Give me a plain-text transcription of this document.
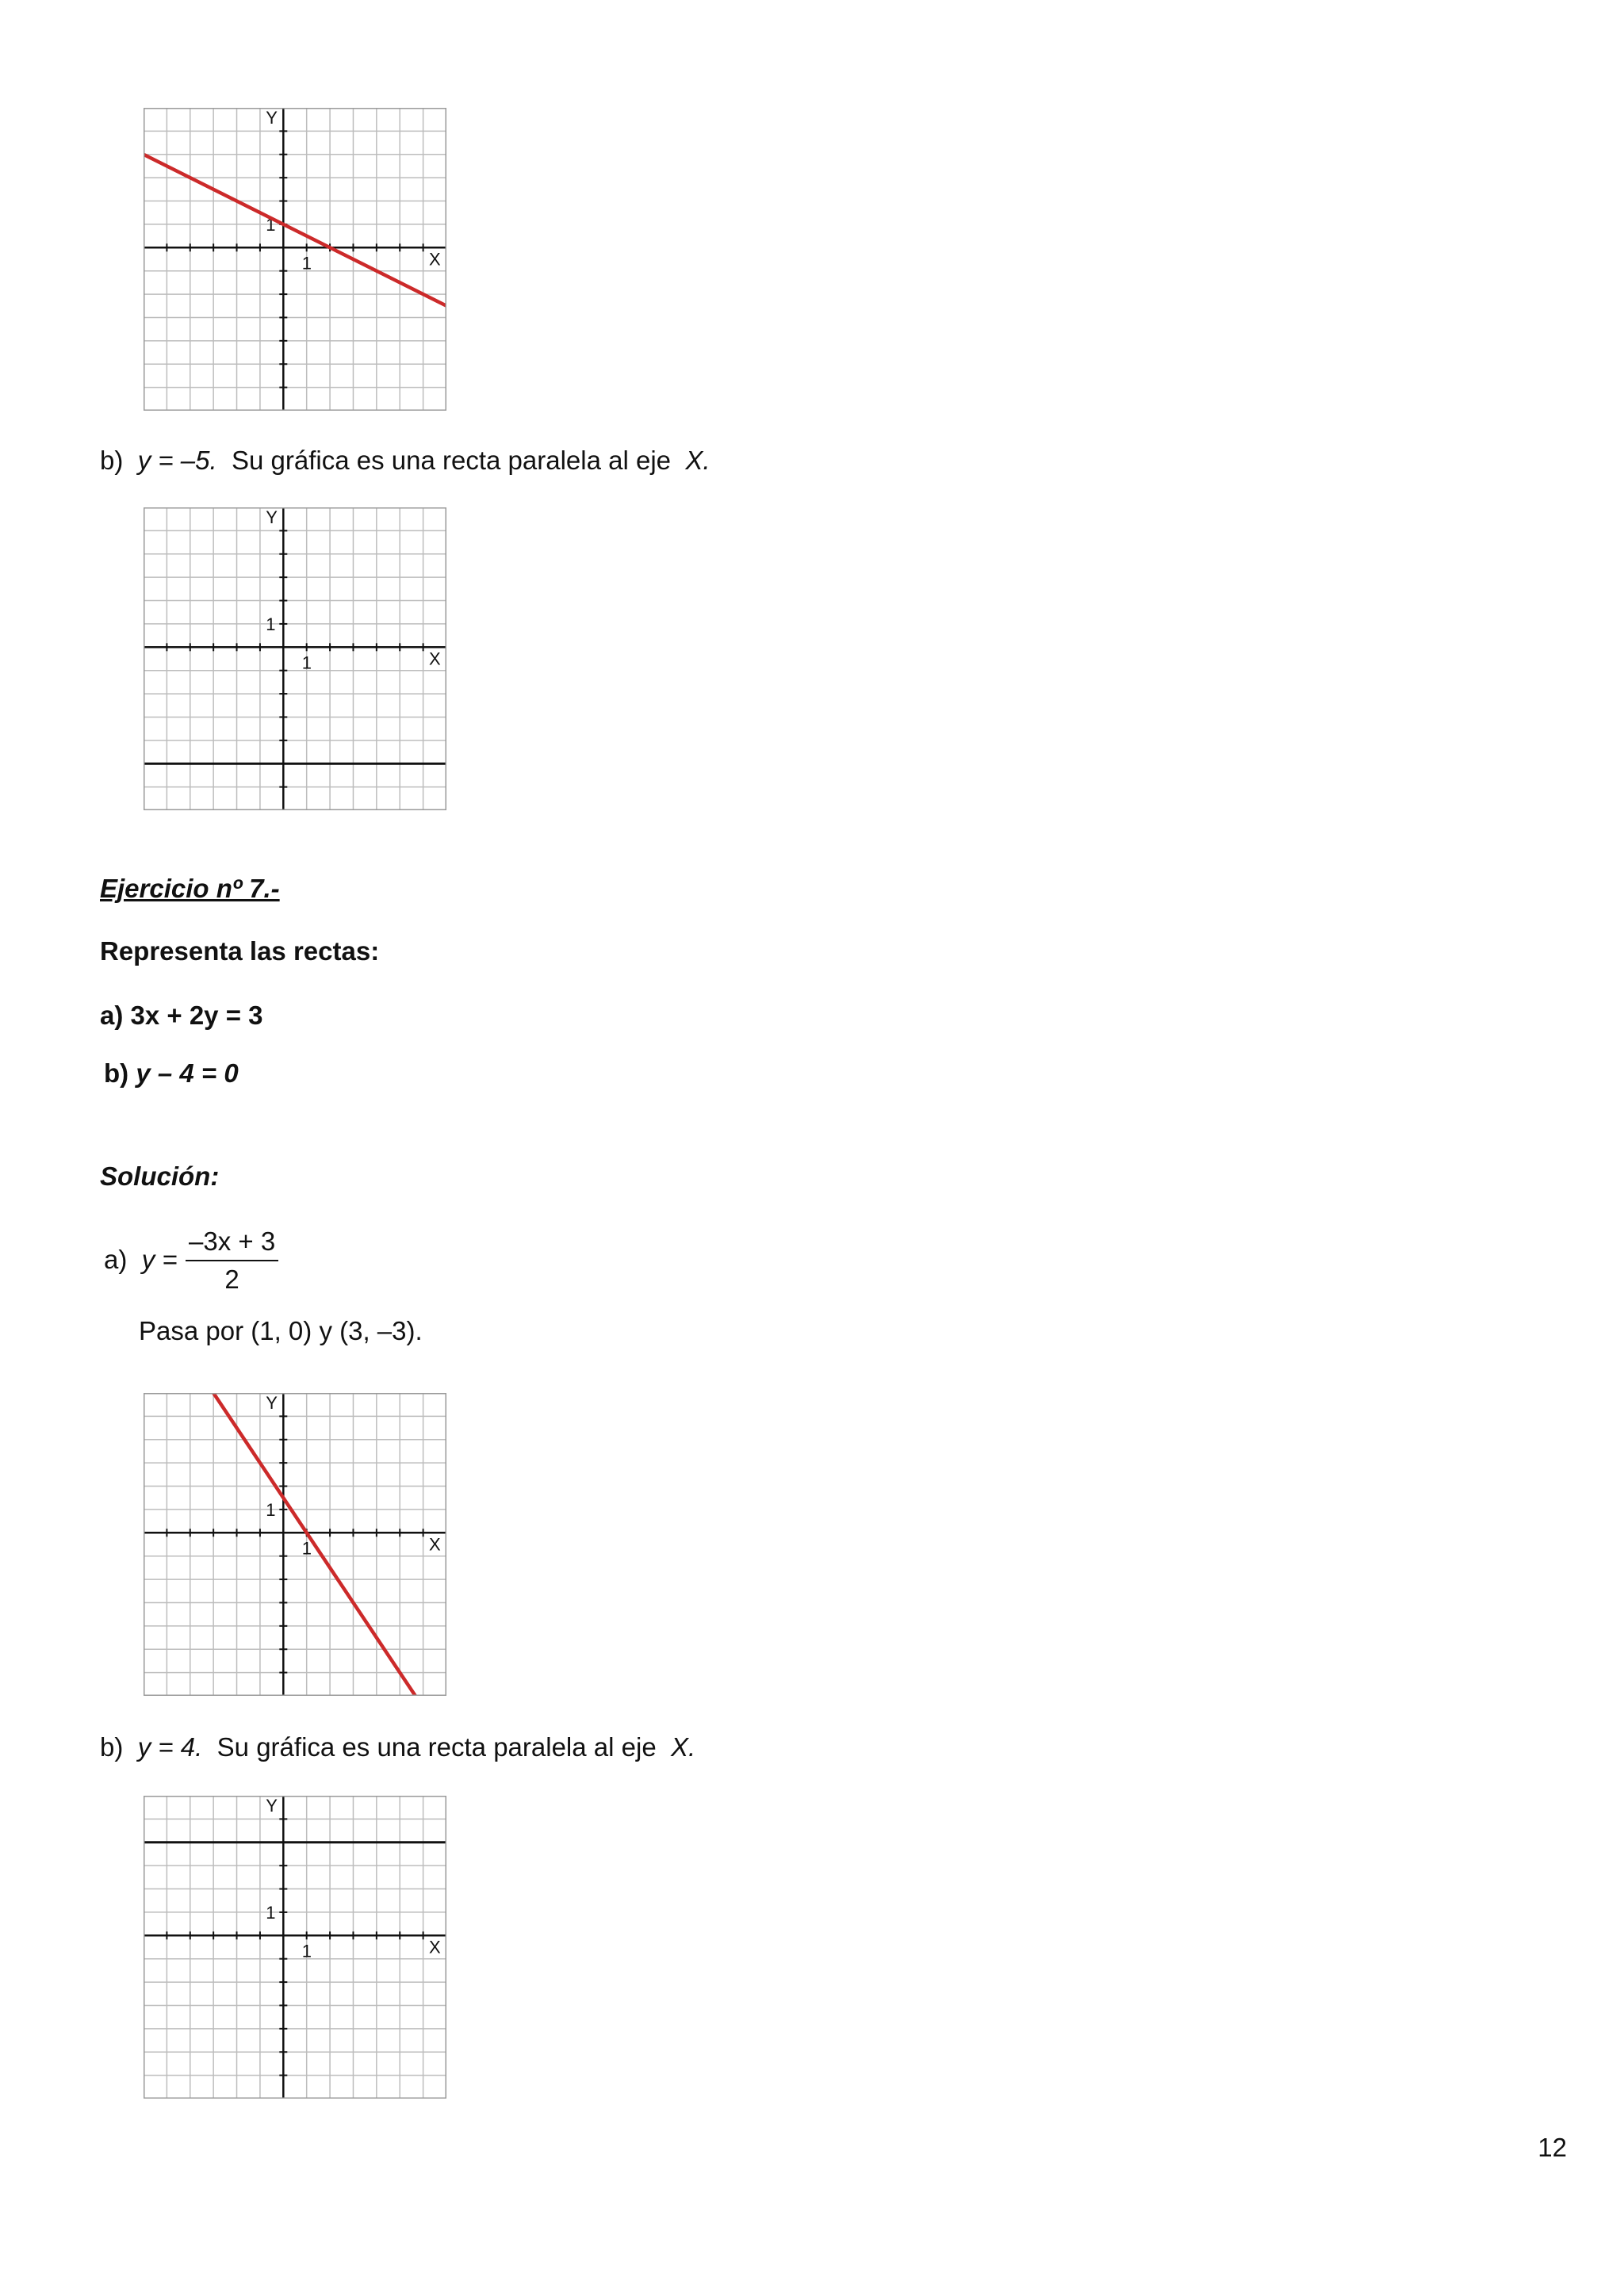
Y
X
1
1
b) y = –5. Su gráfica es una recta paralela al eje X.
Y
X
1
1
Ejercicio nº 7.-
Representa las rectas:
a) 3x + 2y = 3
b) y – 4 = 0
Solución:
a) $y = \frac{-3x + 3}{2}$
Pasa por (1, 0) y (3, –3).
Y
X
1
1
b) y = 4. Su gráfica es una recta paralela al eje X.
Y
X
1
1
12
